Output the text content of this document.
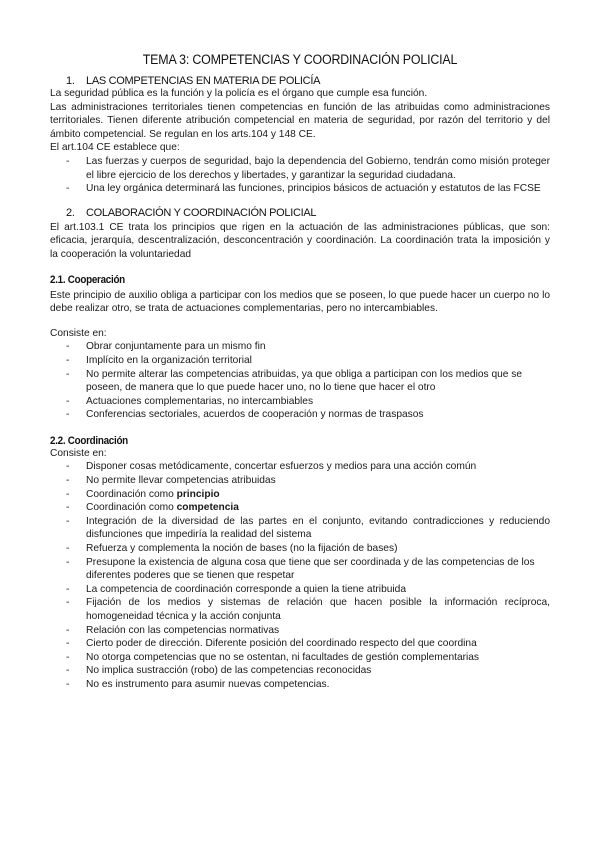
TEMA 3: COMPETENCIAS Y COORDINACIÓN POLICIAL
1.	LAS COMPETENCIAS EN MATERIA DE POLICÍA

La seguridad pública es la función y la policía es el órgano que cumple esa función.

Las administraciones territoriales tienen competencias en función de las atribuidas como administraciones territoriales. Tienen diferente atribución competencial en materia de seguridad, por razón del territorio y del ámbito competencial. Se regulan en los arts.104 y 148 CE.

El art.104 CE establece que:

-	Las fuerzas y cuerpos de seguridad, bajo la dependencia del Gobierno, tendrán como misión proteger el libre ejercicio de los derechos y libertades, y garantizar la seguridad ciudadana.
-	Una ley orgánica determinará las funciones, principios básicos de actuación y estatutos de las FCSE
2.	COLABORACIÓN Y COORDINACIÓN POLICIAL

El art.103.1 CE trata los principios que rigen en la actuación de las administraciones públicas, que son: eficacia, jerarquía, descentralización, desconcentración y coordinación. La coordinación trata la imposición y la cooperación la voluntariedad

2.1. Cooperación

Este principio de auxilio obliga a participar con los medios que se poseen, lo que puede hacer un cuerpo no lo debe realizar otro, se trata de actuaciones complementarias, pero no intercambiables.

Consiste en:

-	Obrar conjuntamente para un mismo fin
-	Implícito en la organización territorial
-	No permite alterar las competencias atribuidas, ya que obliga a participan con los medios que se poseen, de manera que lo que puede hacer uno, no lo tiene que hacer el otro
-	Actuaciones complementarias, no intercambiables
-	Conferencias sectoriales, acuerdos de cooperación y normas de traspasos
2.2. Coordinación

Consiste en:

-	Disponer cosas metódicamente, concertar esfuerzos y medios para una acción común
-	No permite llevar competencias atribuidas
-	Coordinación como principio
-	Coordinación como competencia
-	Integración de la diversidad de las partes en el conjunto, evitando contradicciones y reduciendo disfunciones que impediría la realidad del sistema
-	Refuerza y complementa la noción de bases (no la fijación de bases)
-	Presupone la existencia de alguna cosa que tiene que ser coordinada y de las competencias de los diferentes poderes que se tienen que respetar
-	La competencia de coordinación corresponde a quien la tiene atribuida
-	Fijación de los medios y sistemas de relación que hacen posible la información recíproca, homogeneidad técnica y la acción conjunta
-	Relación con las competencias normativas
-	Cierto poder de dirección. Diferente posición del coordinado respecto del que coordina
-	No otorga competencias que no se ostentan, ni facultades de gestión complementarias
-	No implica sustracción (robo) de las competencias reconocidas
-	No es instrumento para asumir nuevas competencias.
